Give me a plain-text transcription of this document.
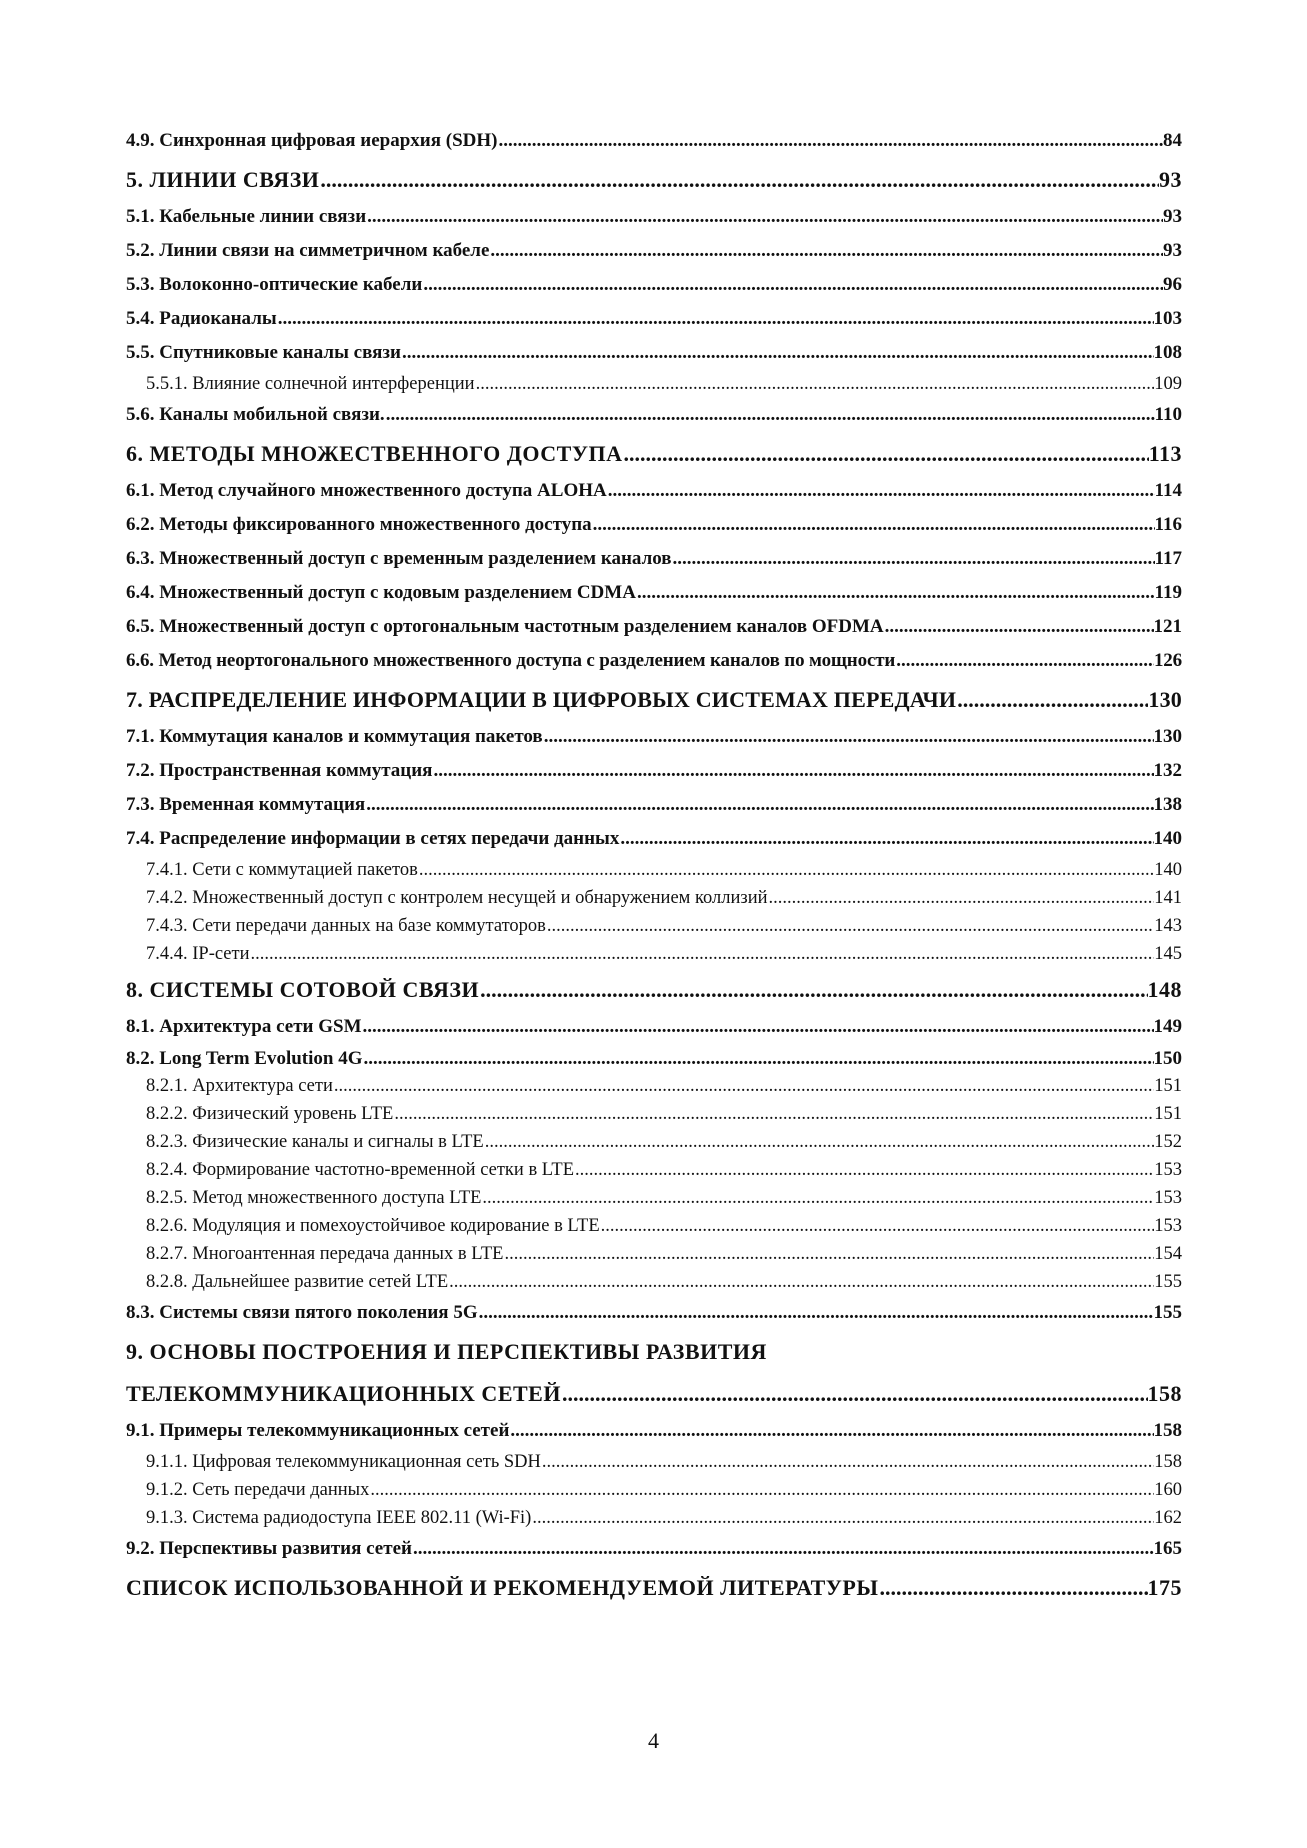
4.9. Синхронная цифровая иерархия (SDH) .....	84
5. ЛИНИИ СВЯЗИ .....	93
5.1. Кабельные линии связи .....	93
5.2. Линии связи на симметричном кабеле .....	93
5.3. Волоконно-оптические кабели .....	96
5.4. Радиоканалы .....	103
5.5. Спутниковые каналы связи .....	108
5.5.1. Влияние солнечной интерференции .....	109
5.6. Каналы мобильной связи. .....	110
6. МЕТОДЫ МНОЖЕСТВЕННОГО ДОСТУПА .....	113
6.1. Метод случайного множественного доступа ALOHA .....	114
6.2. Методы фиксированного множественного доступа .....	116
6.3. Множественный доступ с временным разделением каналов .....	117
6.4. Множественный доступ с кодовым разделением CDMA .....	119
6.5. Множественный доступ с ортогональным частотным разделением каналов OFDMA .....	121
6.6. Метод неортогонального множественного доступа с разделением каналов по мощности .....	126
7. РАСПРЕДЕЛЕНИЕ ИНФОРМАЦИИ В ЦИФРОВЫХ СИСТЕМАХ ПЕРЕДАЧИ .....	130
7.1. Коммутация каналов и коммутация пакетов .....	130
7.2. Пространственная коммутация .....	132
7.3. Временная коммутация .....	138
7.4. Распределение информации в сетях передачи данных .....	140
7.4.1. Сети с коммутацией пакетов .....	140
7.4.2. Множественный доступ с контролем несущей и обнаружением коллизий .....	141
7.4.3. Сети передачи данных на базе коммутаторов .....	143
7.4.4. IP-сети .....	145
8. СИСТЕМЫ СОТОВОЙ СВЯЗИ .....	148
8.1. Архитектура сети GSM .....	149
8.2. Long Term Evolution 4G .....	150
8.2.1. Архитектура сети .....	151
8.2.2. Физический уровень LTE .....	151
8.2.3. Физические каналы и сигналы в LTE .....	152
8.2.4. Формирование частотно-временной сетки в LTE .....	153
8.2.5. Метод множественного доступа LTE .....	153
8.2.6. Модуляция и помехоустойчивое кодирование в LTE .....	153
8.2.7. Многоантенная передача данных в LTE .....	154
8.2.8. Дальнейшее развитие сетей LTE .....	155
8.3. Системы связи пятого поколения 5G .....	155
9. ОСНОВЫ ПОСТРОЕНИЯ И ПЕРСПЕКТИВЫ РАЗВИТИЯ
ТЕЛЕКОММУНИКАЦИОННЫХ СЕТЕЙ .....	158
9.1. Примеры телекоммуникационных сетей .....	158
9.1.1. Цифровая телекоммуникационная сеть SDH .....	158
9.1.2. Сеть передачи данных .....	160
9.1.3. Система радиодоступа IEEE 802.11 (Wi-Fi) .....	162
9.2. Перспективы развития сетей .....	165
СПИСОК ИСПОЛЬЗОВАННОЙ И РЕКОМЕНДУЕМОЙ ЛИТЕРАТУРЫ .....	175
4
